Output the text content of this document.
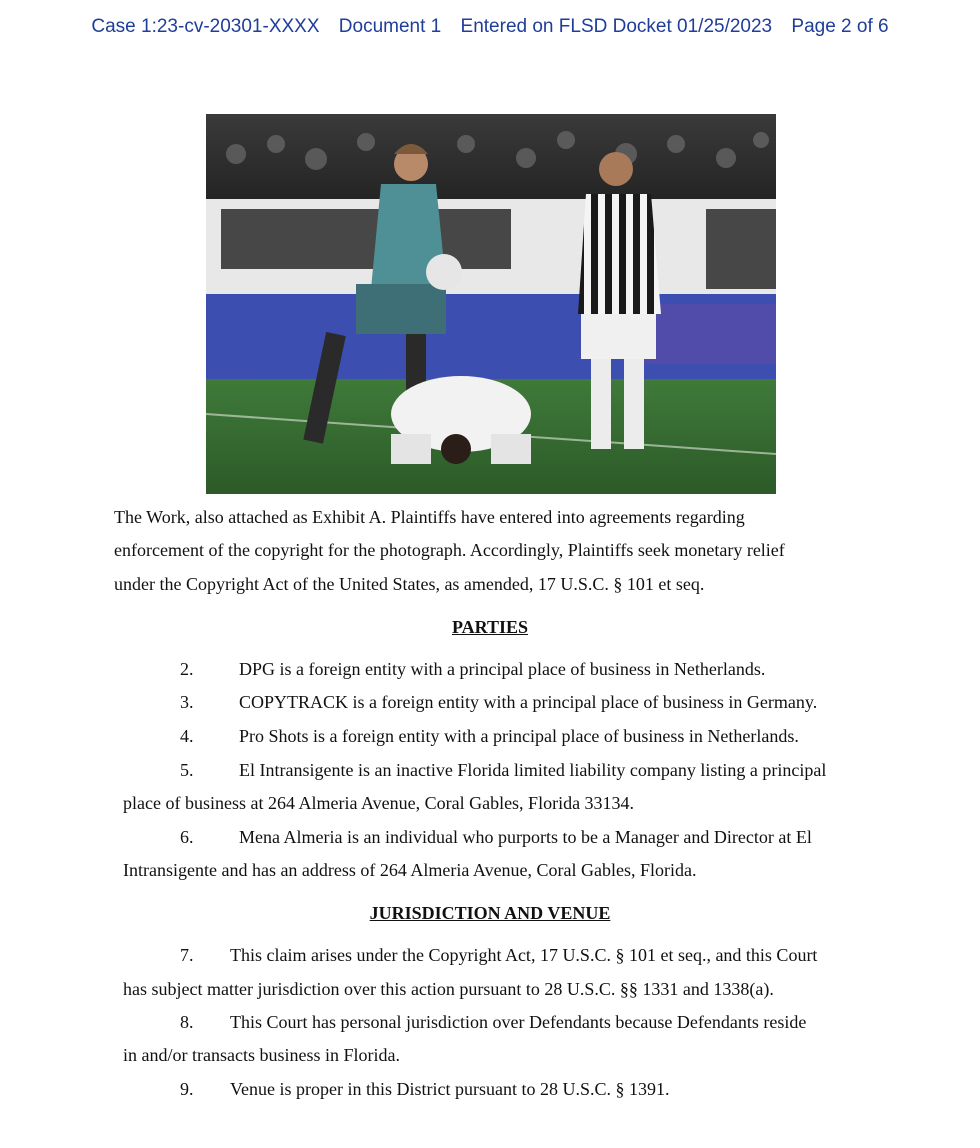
Case 1:23-cv-20301-XXXX Document 1 Entered on FLSD Docket 01/25/2023 Page 2 of 6
The Work, also attached as Exhibit A. Plaintiffs have entered into agreements regarding
enforcement of the copyright for the photograph. Accordingly, Plaintiffs seek monetary relief
under the Copyright Act of the United States, as amended, 17 U.S.C. § 101 et seq.
PARTIES
2.	DPG is a foreign entity with a principal place of business in Netherlands.
3.	COPYTRACK is a foreign entity with a principal place of business in Germany.
4.	Pro Shots is a foreign entity with a principal place of business in Netherlands.
5.	El Intransigente is an inactive Florida limited liability company listing a principal
place of business at 264 Almeria Avenue, Coral Gables, Florida 33134.
6.	Mena Almeria is an individual who purports to be a Manager and Director at El
Intransigente and has an address of 264 Almeria Avenue, Coral Gables, Florida.
JURISDICTION AND VENUE
7. This claim arises under the Copyright Act, 17 U.S.C. § 101 et seq., and this Court
has subject matter jurisdiction over this action pursuant to 28 U.S.C. §§ 1331 and 1338(a).
8. This Court has personal jurisdiction over Defendants because Defendants reside
in and/or transacts business in Florida.
9. Venue is proper in this District pursuant to 28 U.S.C. § 1391.
